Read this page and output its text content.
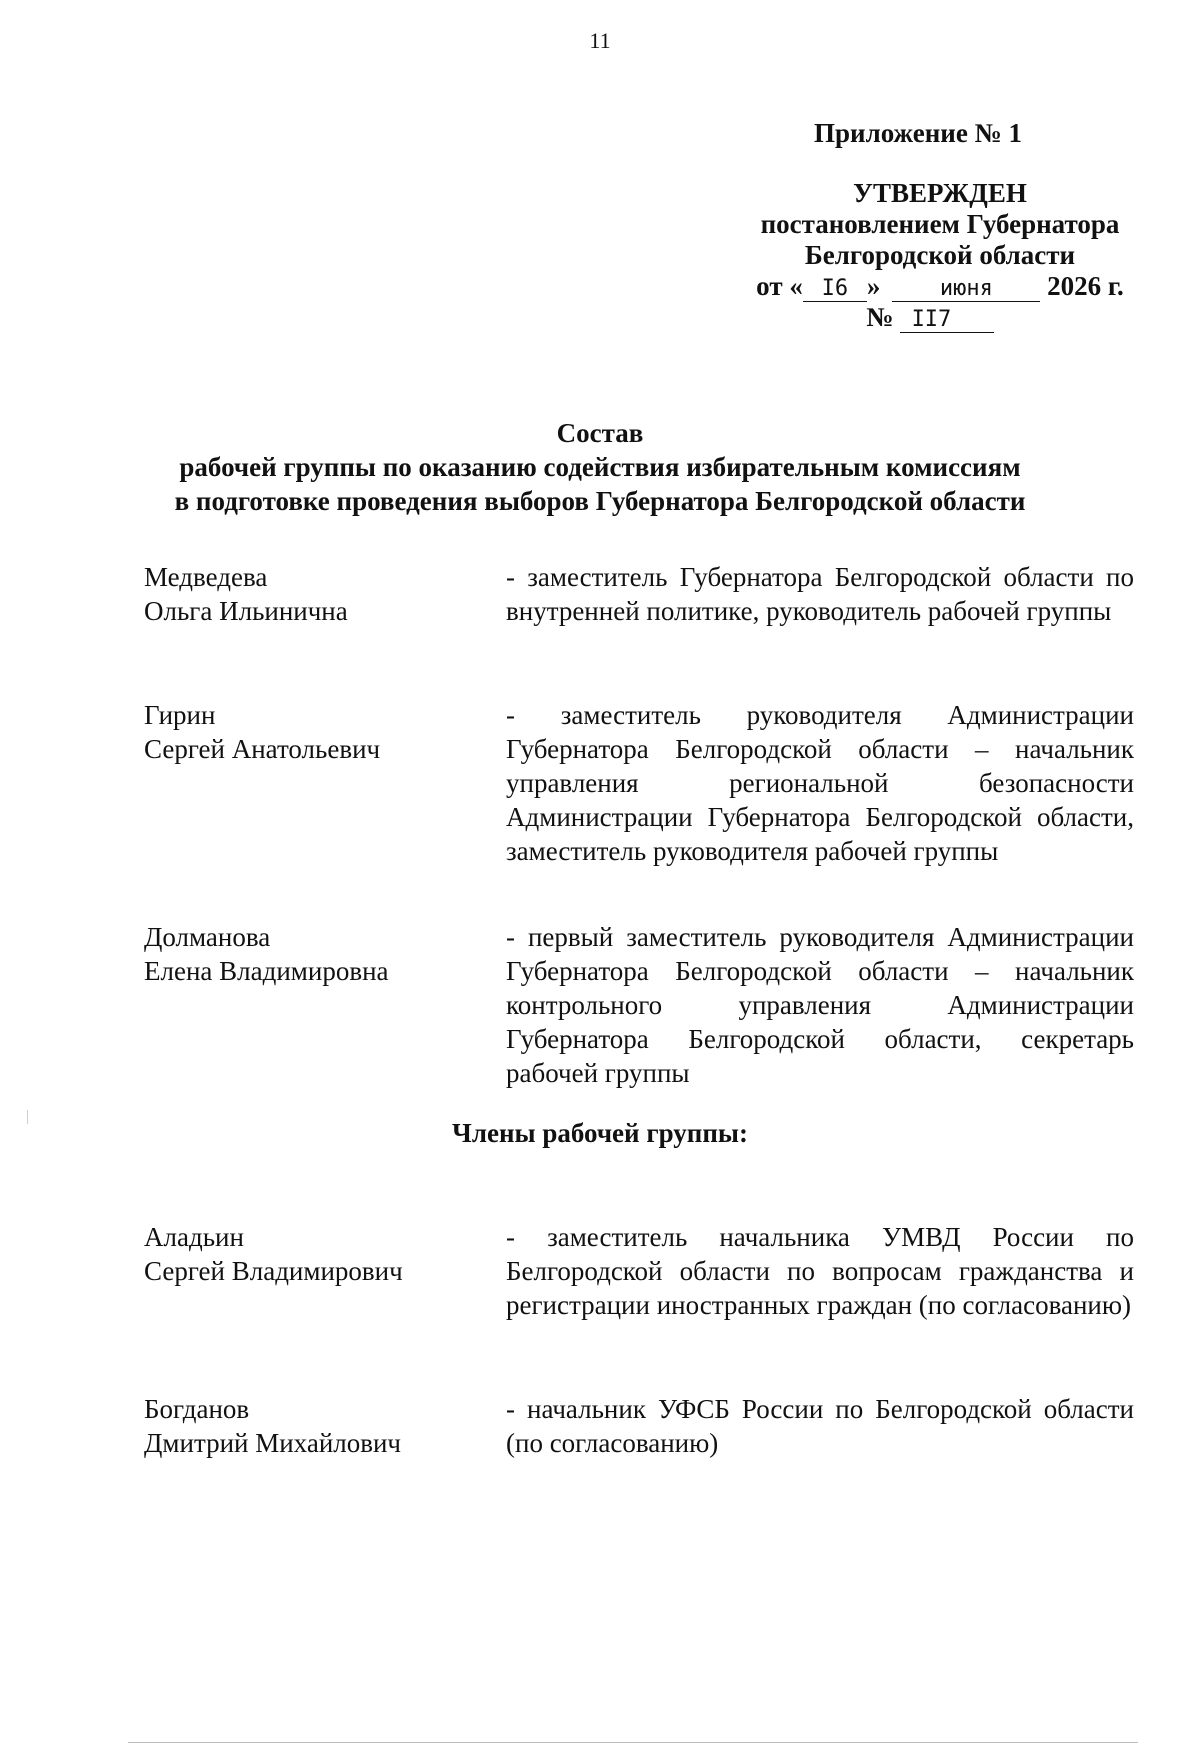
11
Приложение № 1
УТВЕРЖДЕН
постановлением Губернатора
Белгородской области
от « I6 »	июня 2026 г.
№ II7
Состав
рабочей группы по оказанию содействия избирательным комиссиям
в подготовке проведения выборов Губернатора Белгородской области
Медведева
Ольга Ильинична
- заместитель Губернатора Белгородской области по внутренней политике, руководитель рабочей группы
Гирин
Сергей Анатольевич
- заместитель руководителя Администрации Губернатора Белгородской области – начальник управления региональной безопасности Администрации Губернатора Белгородской области, заместитель руководителя рабочей группы
Долманова
Елена Владимировна
- первый заместитель руководителя Администрации Губернатора Белгородской области – начальник контрольного управления Администрации Губернатора Белгородской области, секретарь рабочей группы
Члены рабочей группы:
Аладьин
Сергей Владимирович
- заместитель начальника УМВД России по Белгородской области по вопросам гражданства и регистрации иностранных граждан (по согласованию)
Богданов
Дмитрий Михайлович
- начальник УФСБ России по Белгородской области (по согласованию)
